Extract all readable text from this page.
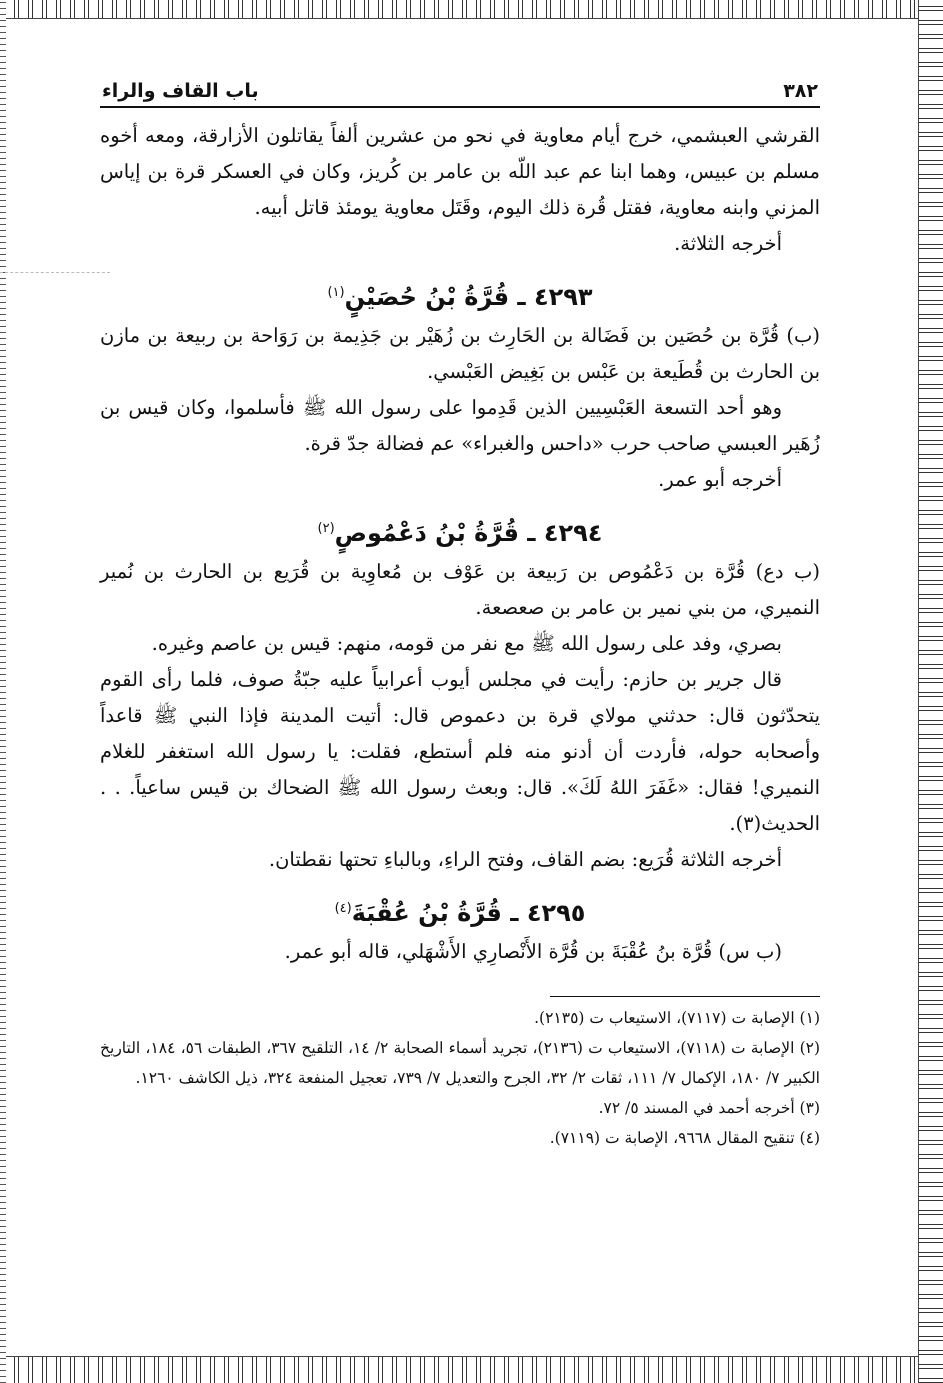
٣٨٢
باب القاف والراء

القرشي العبشمي، خرج أيام معاوية في نحو من عشرين ألفاً يقاتلون الأزارقة، ومعه أخوه مسلم بن عبيس، وهما ابنا عم عبد اللّه بن عامر بن كُريز، وكان في العسكر قرة بن إياس المزني وابنه معاوية، فقتل قُرة ذلك اليوم، وقَتَل معاوية يومئذ قاتل أبيه.

أخرجه الثلاثة.

٤٢٩٣ ـ قُرَّةُ بْنُ حُصَيْنٍ$^{(١)}$

(ب) قُرَّة بن حُصَين بن فَضَالة بن الحَارِث بن زُهَيْر بن جَذِيمة بن رَوَاحة بن ربيعة بن مازن بن الحارث بن قُطَيعة بن عَبْس بن بَغِيض العَبْسي.

وهو أحد التسعة العَبْسِيين الذين قَدِموا على رسول الله ﷺ فأسلموا، وكان قيس بن زُهَير العبسي صاحب حرب «داحس والغبراء» عم فضالة جدّ قرة.

أخرجه أبو عمر.

٤٢٩٤ ـ قُرَّةُ بْنُ دَعْمُوصٍ$^{(٢)}$

(ب دع) قُرَّة بن دَعْمُوص بن رَبيعة بن عَوْف بن مُعاوِية بن قُرَيع بن الحارث بن نُمير النميري، من بني نمير بن عامر بن صعصعة.

بصري، وفد على رسول الله ﷺ مع نفر من قومه، منهم: قيس بن عاصم وغيره.

قال جرير بن حازم: رأيت في مجلس أيوب أعرابياً عليه جبّةُ صوف، فلما رأى القوم يتحدّثون قال: حدثني مولاي قرة بن دعموص قال: أتيت المدينة فإذا النبي ﷺ قاعداً وأصحابه حوله، فأردت أن أدنو منه فلم أستطع، فقلت: يا رسول الله استغفر للغلام النميري! فقال: «غَفَرَ اللهُ لَكَ». قال: وبعث رسول الله ﷺ الضحاك بن قيس ساعياً. . . الحديث(٣).

أخرجه الثلاثة قُرَيع: بضم القاف، وفتح الراءِ، وبالباءِ تحتها نقطتان.

٤٢٩٥ ـ قُرَّةُ بْنُ عُقْبَةَ$^{(٤)}$

(ب س) قُرَّة بنُ عُقْبَةَ بن قُرَّة الأَنْصارِي الأَشْهَلي، قاله أبو عمر.

(١) الإصابة ت (٧١١٧)، الاستيعاب ت (٢١٣٥).

(٢) الإصابة ت (٧١١٨)، الاستيعاب ت (٢١٣٦)، تجريد أسماء الصحابة ٢/ ١٤، التلقيح ٣٦٧، الطبقات ٥٦، ١٨٤، التاريخ الكبير ٧/ ١٨٠، الإكمال ٧/ ١١١، ثقات ٢/ ٣٢، الجرح والتعديل ٧/ ٧٣٩، تعجيل المنفعة ٣٢٤، ذيل الكاشف ١٢٦٠.

(٣) أخرجه أحمد في المسند ٥/ ٧٢.

(٤) تنقيح المقال ٩٦٦٨، الإصابة ت (٧١١٩).
